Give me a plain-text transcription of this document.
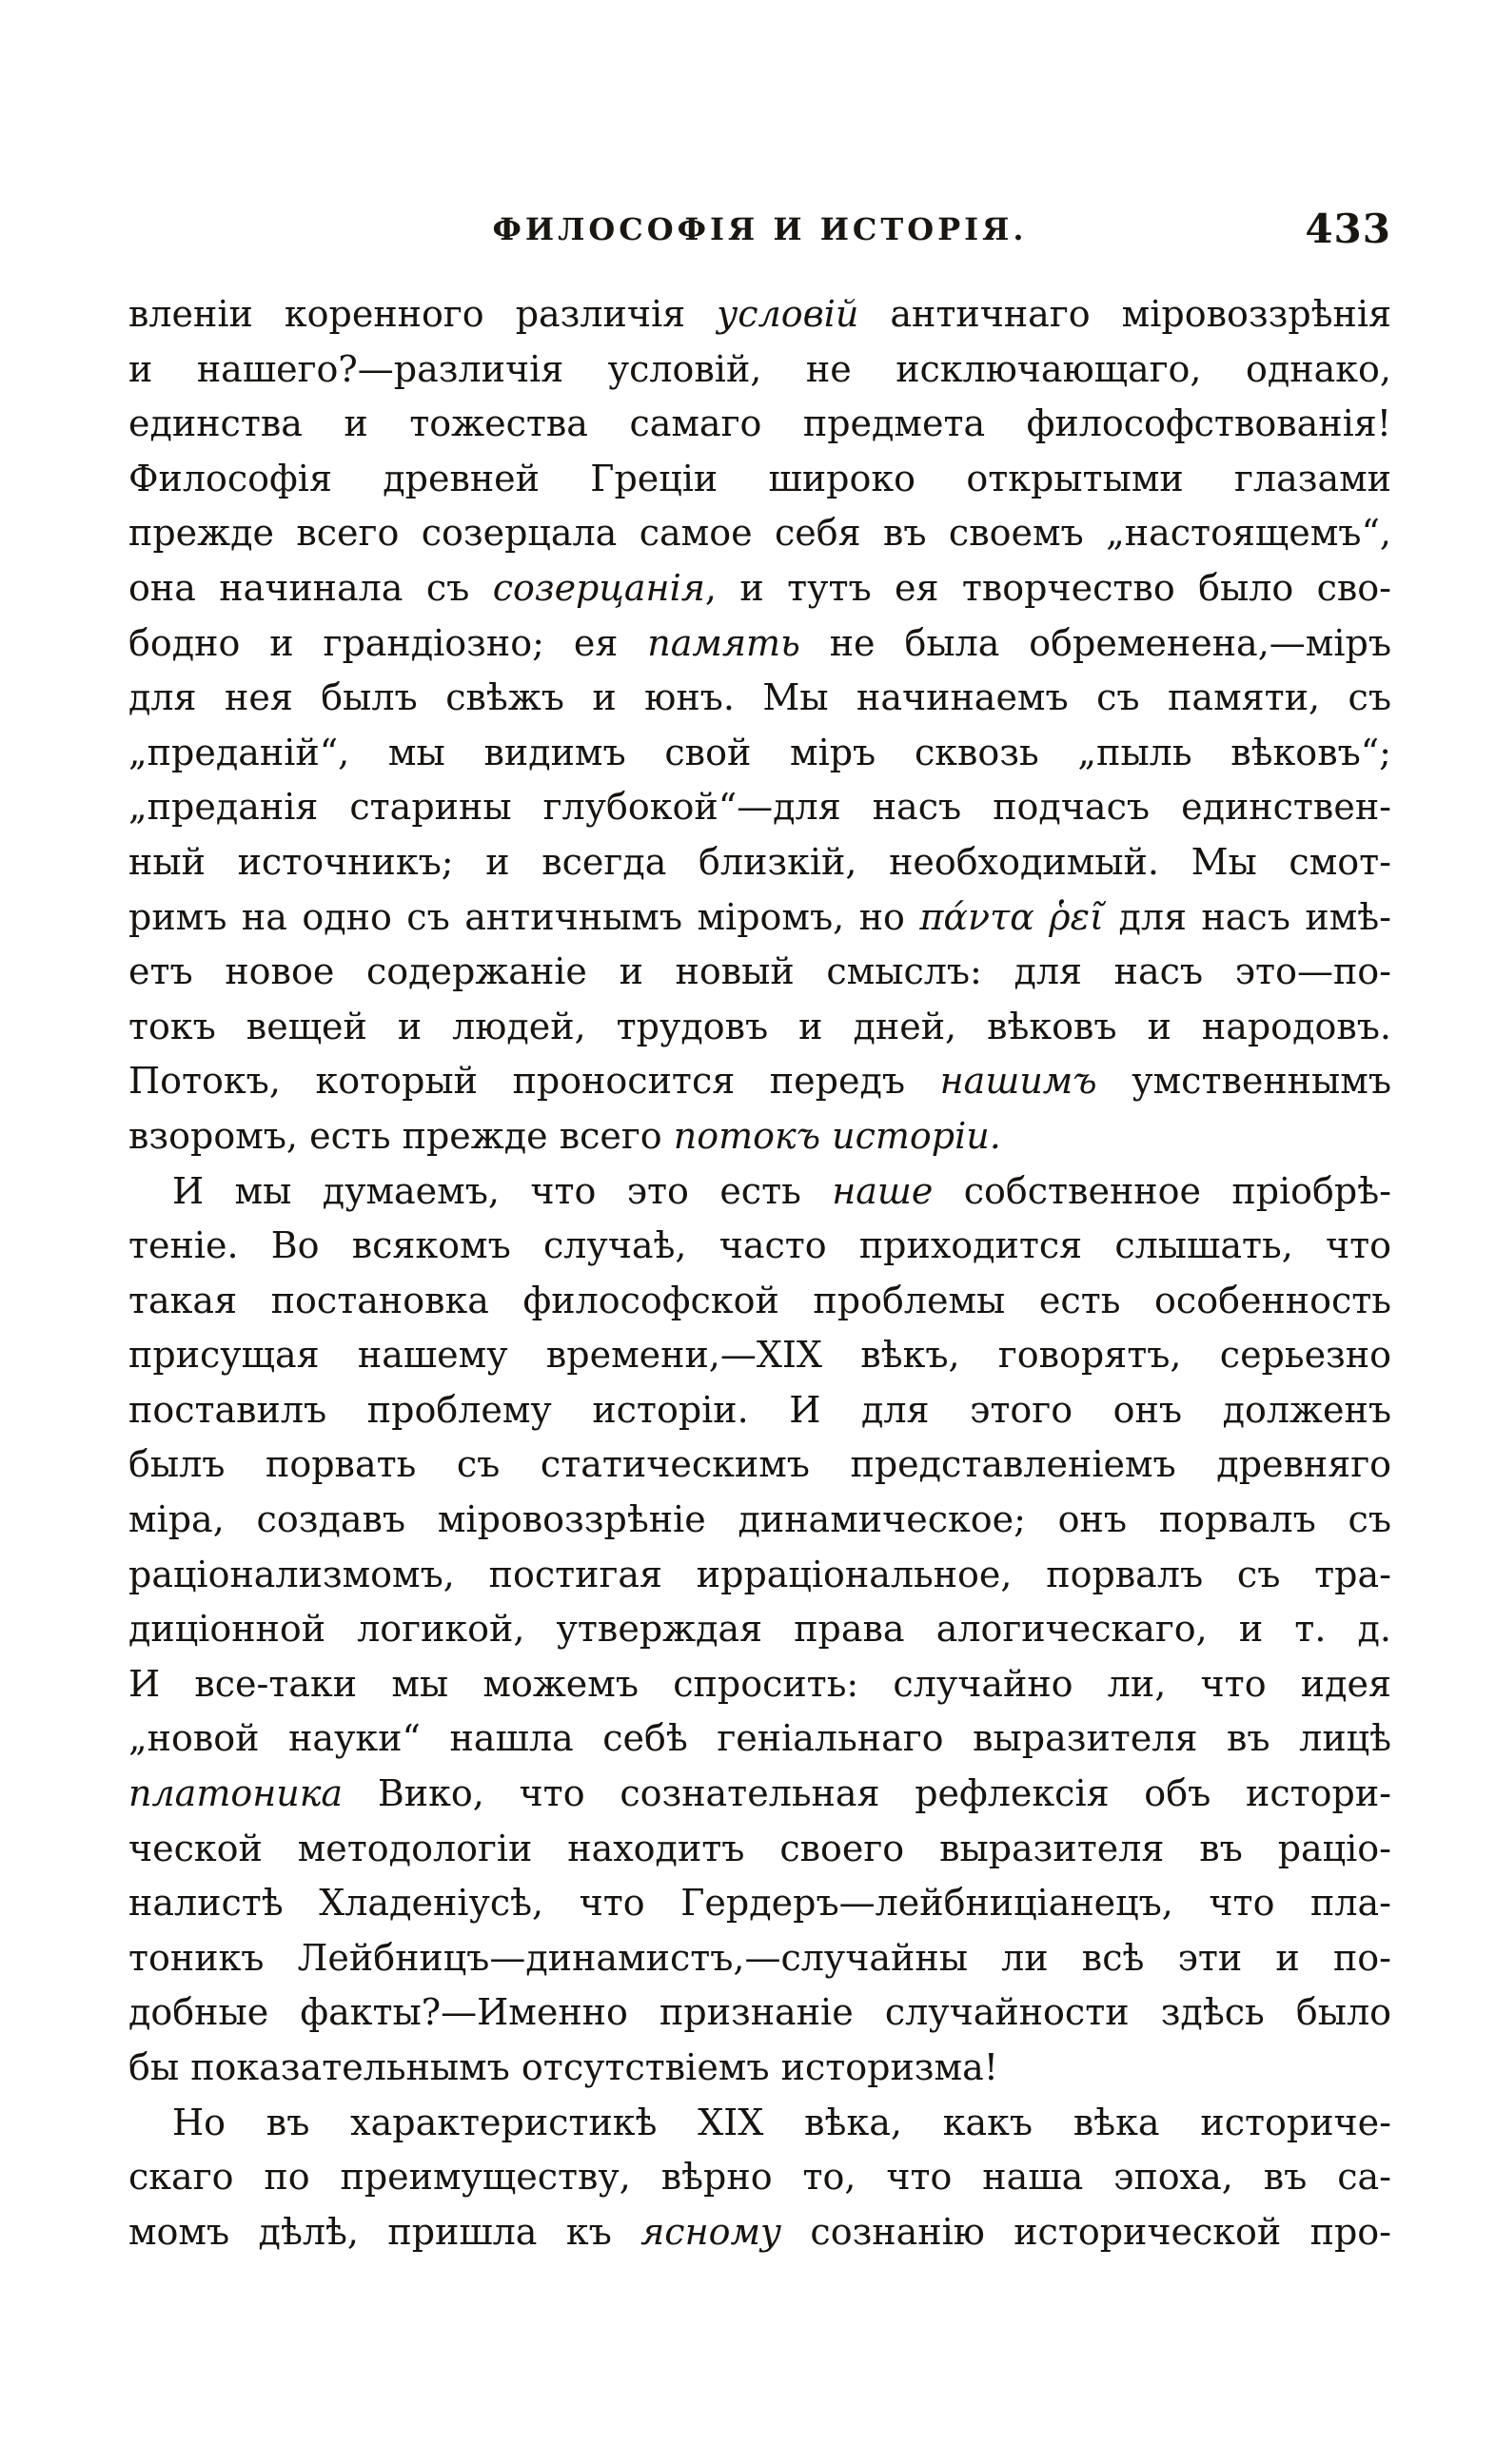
ФИЛОСОФІЯ И ИСТОРІЯ.	433
вленіи коренного различія условій античнаго міровоззрѣнія
и нашего?—различія условій, не исключающаго, однако,
единства и тожества самаго предмета философствованія!
Философія древней Греціи широко открытыми глазами
прежде всего созерцала самое себя въ своемъ „настоящемъ“,
она начинала съ созерцанія, и тутъ ея творчество было сво-
бодно и грандіозно; ея память не была обременена,—міръ
для нея былъ свѣжъ и юнъ. Мы начинаемъ съ памяти, съ
„преданій“, мы видимъ свой міръ сквозь „пыль вѣковъ“;
„преданія старины глубокой“—для насъ подчасъ единствен-
ный источникъ; и всегда близкій, необходимый. Мы смот-
римъ на одно съ античнымъ міромъ, но πάντα ῥεῖ для насъ имѣ-
етъ новое содержаніе и новый смыслъ: для насъ это—по-
токъ вещей и людей, трудовъ и дней, вѣковъ и народовъ.
Потокъ, который проносится передъ нашимъ умственнымъ
взоромъ, есть прежде всего потокъ исторіи.
И мы думаемъ, что это есть наше собственное пріобрѣ-
теніе. Во всякомъ случаѣ, часто приходится слышать, что
такая постановка философской проблемы есть особенность
присущая нашему времени,—XIX вѣкъ, говорятъ, серьезно
поставилъ проблему исторіи. И для этого онъ долженъ
былъ порвать съ статическимъ представленіемъ древняго
міра, создавъ міровоззрѣніе динамическое; онъ порвалъ съ
раціонализмомъ, постигая ирраціональное, порвалъ съ тра-
диціонной логикой, утверждая права алогическаго, и т. д.
И все-таки мы можемъ спросить: случайно ли, что идея
„новой науки“ нашла себѣ геніальнаго выразителя въ лицѣ
платоника Вико, что сознательная рефлексія объ истори-
ческой методологіи находитъ своего выразителя въ раціо-
налистѣ Хладеніусѣ, что Гердеръ—лейбниціанецъ, что пла-
тоникъ Лейбницъ—динамистъ,—случайны ли всѣ эти и по-
добные факты?—Именно признаніе случайности здѣсь было
бы показательнымъ отсутствіемъ историзма!
Но въ характеристикѣ XIX вѣка, какъ вѣка историче-
скаго по преимуществу, вѣрно то, что наша эпоха, въ са-
момъ дѣлѣ, пришла къ ясному сознанію исторической про-
